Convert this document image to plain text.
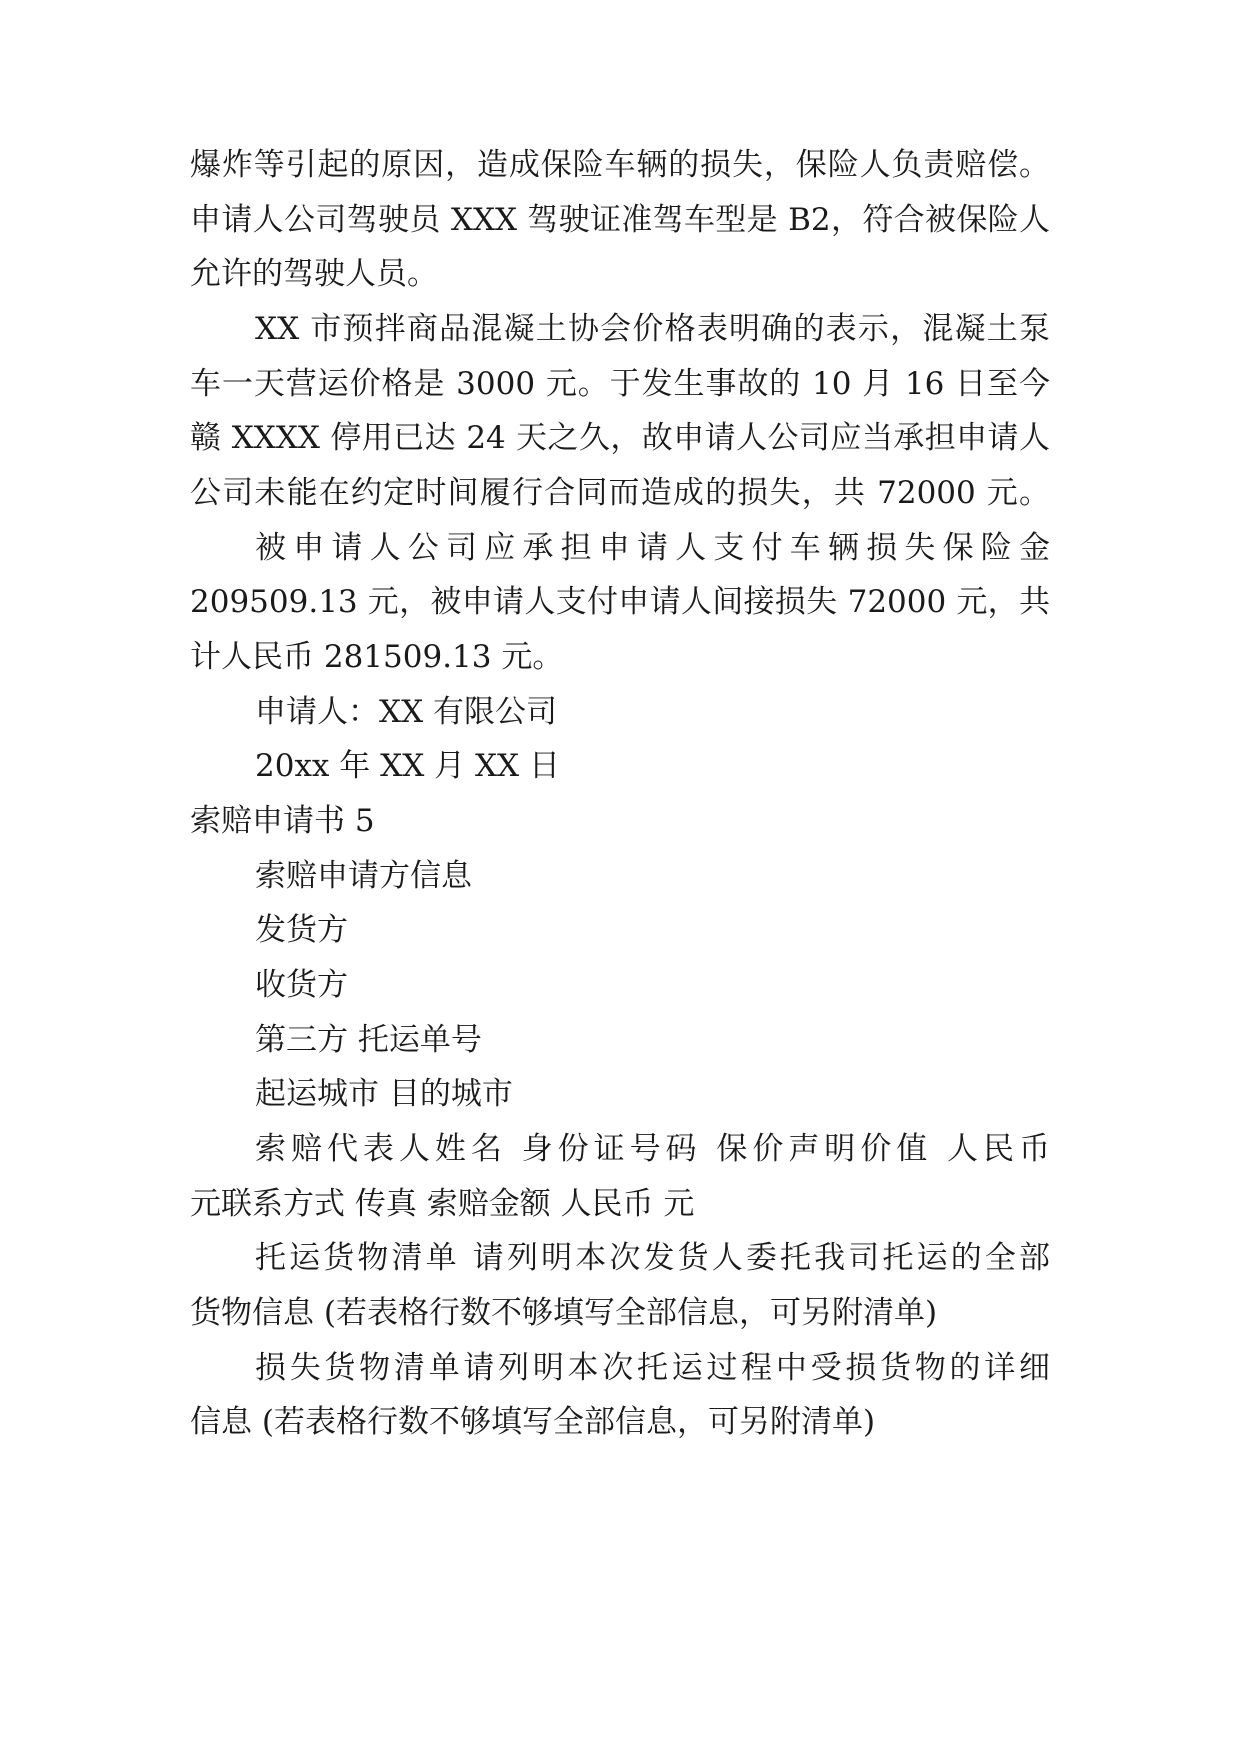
爆炸等引起的原因，造成保险车辆的损失，保险人负责赔偿。
申请人公司驾驶员 XXX 驾驶证准驾车型是 B2，符合被保险人
允许的驾驶人员。
XX 市预拌商品混凝土协会价格表明确的表示，混凝土泵
车一天营运价格是 3000 元。于发生事故的 10 月 16 日至今
赣 XXXX 停用已达 24 天之久，故申请人公司应当承担申请人
公司未能在约定时间履行合同而造成的损失，共 72000 元。
被申请人公司应承担申请人支付车辆损失保险金
209509.13 元，被申请人支付申请人间接损失 72000 元，共
计人民币 281509.13 元。
申请人：XX 有限公司
20xx 年 XX 月 XX 日
索赔申请书 5
索赔申请方信息
发货方
收货方
第三方 托运单号
起运城市 目的城市
索赔代表人姓名 身份证号码 保价声明价值 人民币
元联系方式 传真 索赔金额 人民币 元
托运货物清单 请列明本次发货人委托我司托运的全部
货物信息 (若表格行数不够填写全部信息，可另附清单)
损失货物清单请列明本次托运过程中受损货物的详细
信息 (若表格行数不够填写全部信息，可另附清单)
